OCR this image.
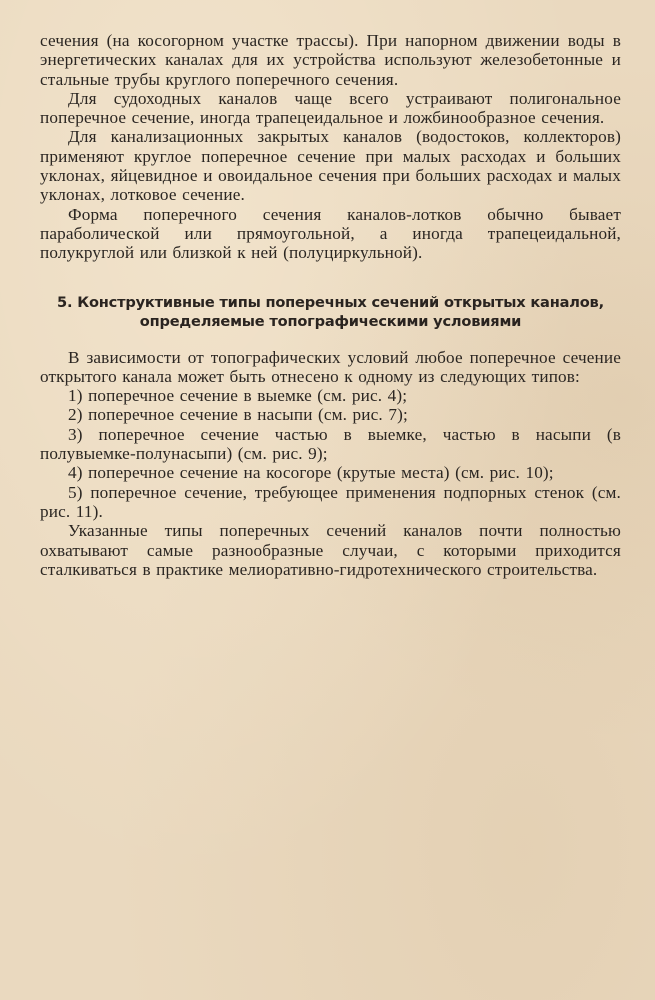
сечения (на косогорном участке трассы). При напорном движении воды в энергетических каналах для их устройства используют железобетонные и стальные трубы круглого поперечного сечения.

Для судоходных каналов чаще всего устраивают полигональное поперечное сечение, иногда трапецеидальное и ложбинообразное сечения.

Для канализационных закрытых каналов (водостоков, коллекторов) применяют круглое поперечное сечение при малых расходах и больших уклонах, яйцевидное и овоидальное сечения при больших расходах и малых уклонах, лотковое сечение.

Форма поперечного сечения каналов-лотков обычно бывает параболической или прямоугольной, а иногда трапецеидальной, полукруглой или близкой к ней (полуциркульной).

5. Конструктивные типы поперечных сечений открытых каналов,
определяемые топографическими условиями

В зависимости от топографических условий любое поперечное сечение открытого канала может быть отнесено к одному из следующих типов:

1) поперечное сечение в выемке (см. рис. 4);

2) поперечное сечение в насыпи (см. рис. 7);

3) поперечное сечение частью в выемке, частью в насыпи (в полувыемке-полунасыпи) (см. рис. 9);

4) поперечное сечение на косогоре (крутые места) (см. рис. 10);

5) поперечное сечение, требующее применения подпорных стенок (см. рис. 11).

Указанные типы поперечных сечений каналов почти полностью охватывают самые разнообразные случаи, с которыми приходится сталкиваться в практике мелиоративно-гидротехнического строительства.
